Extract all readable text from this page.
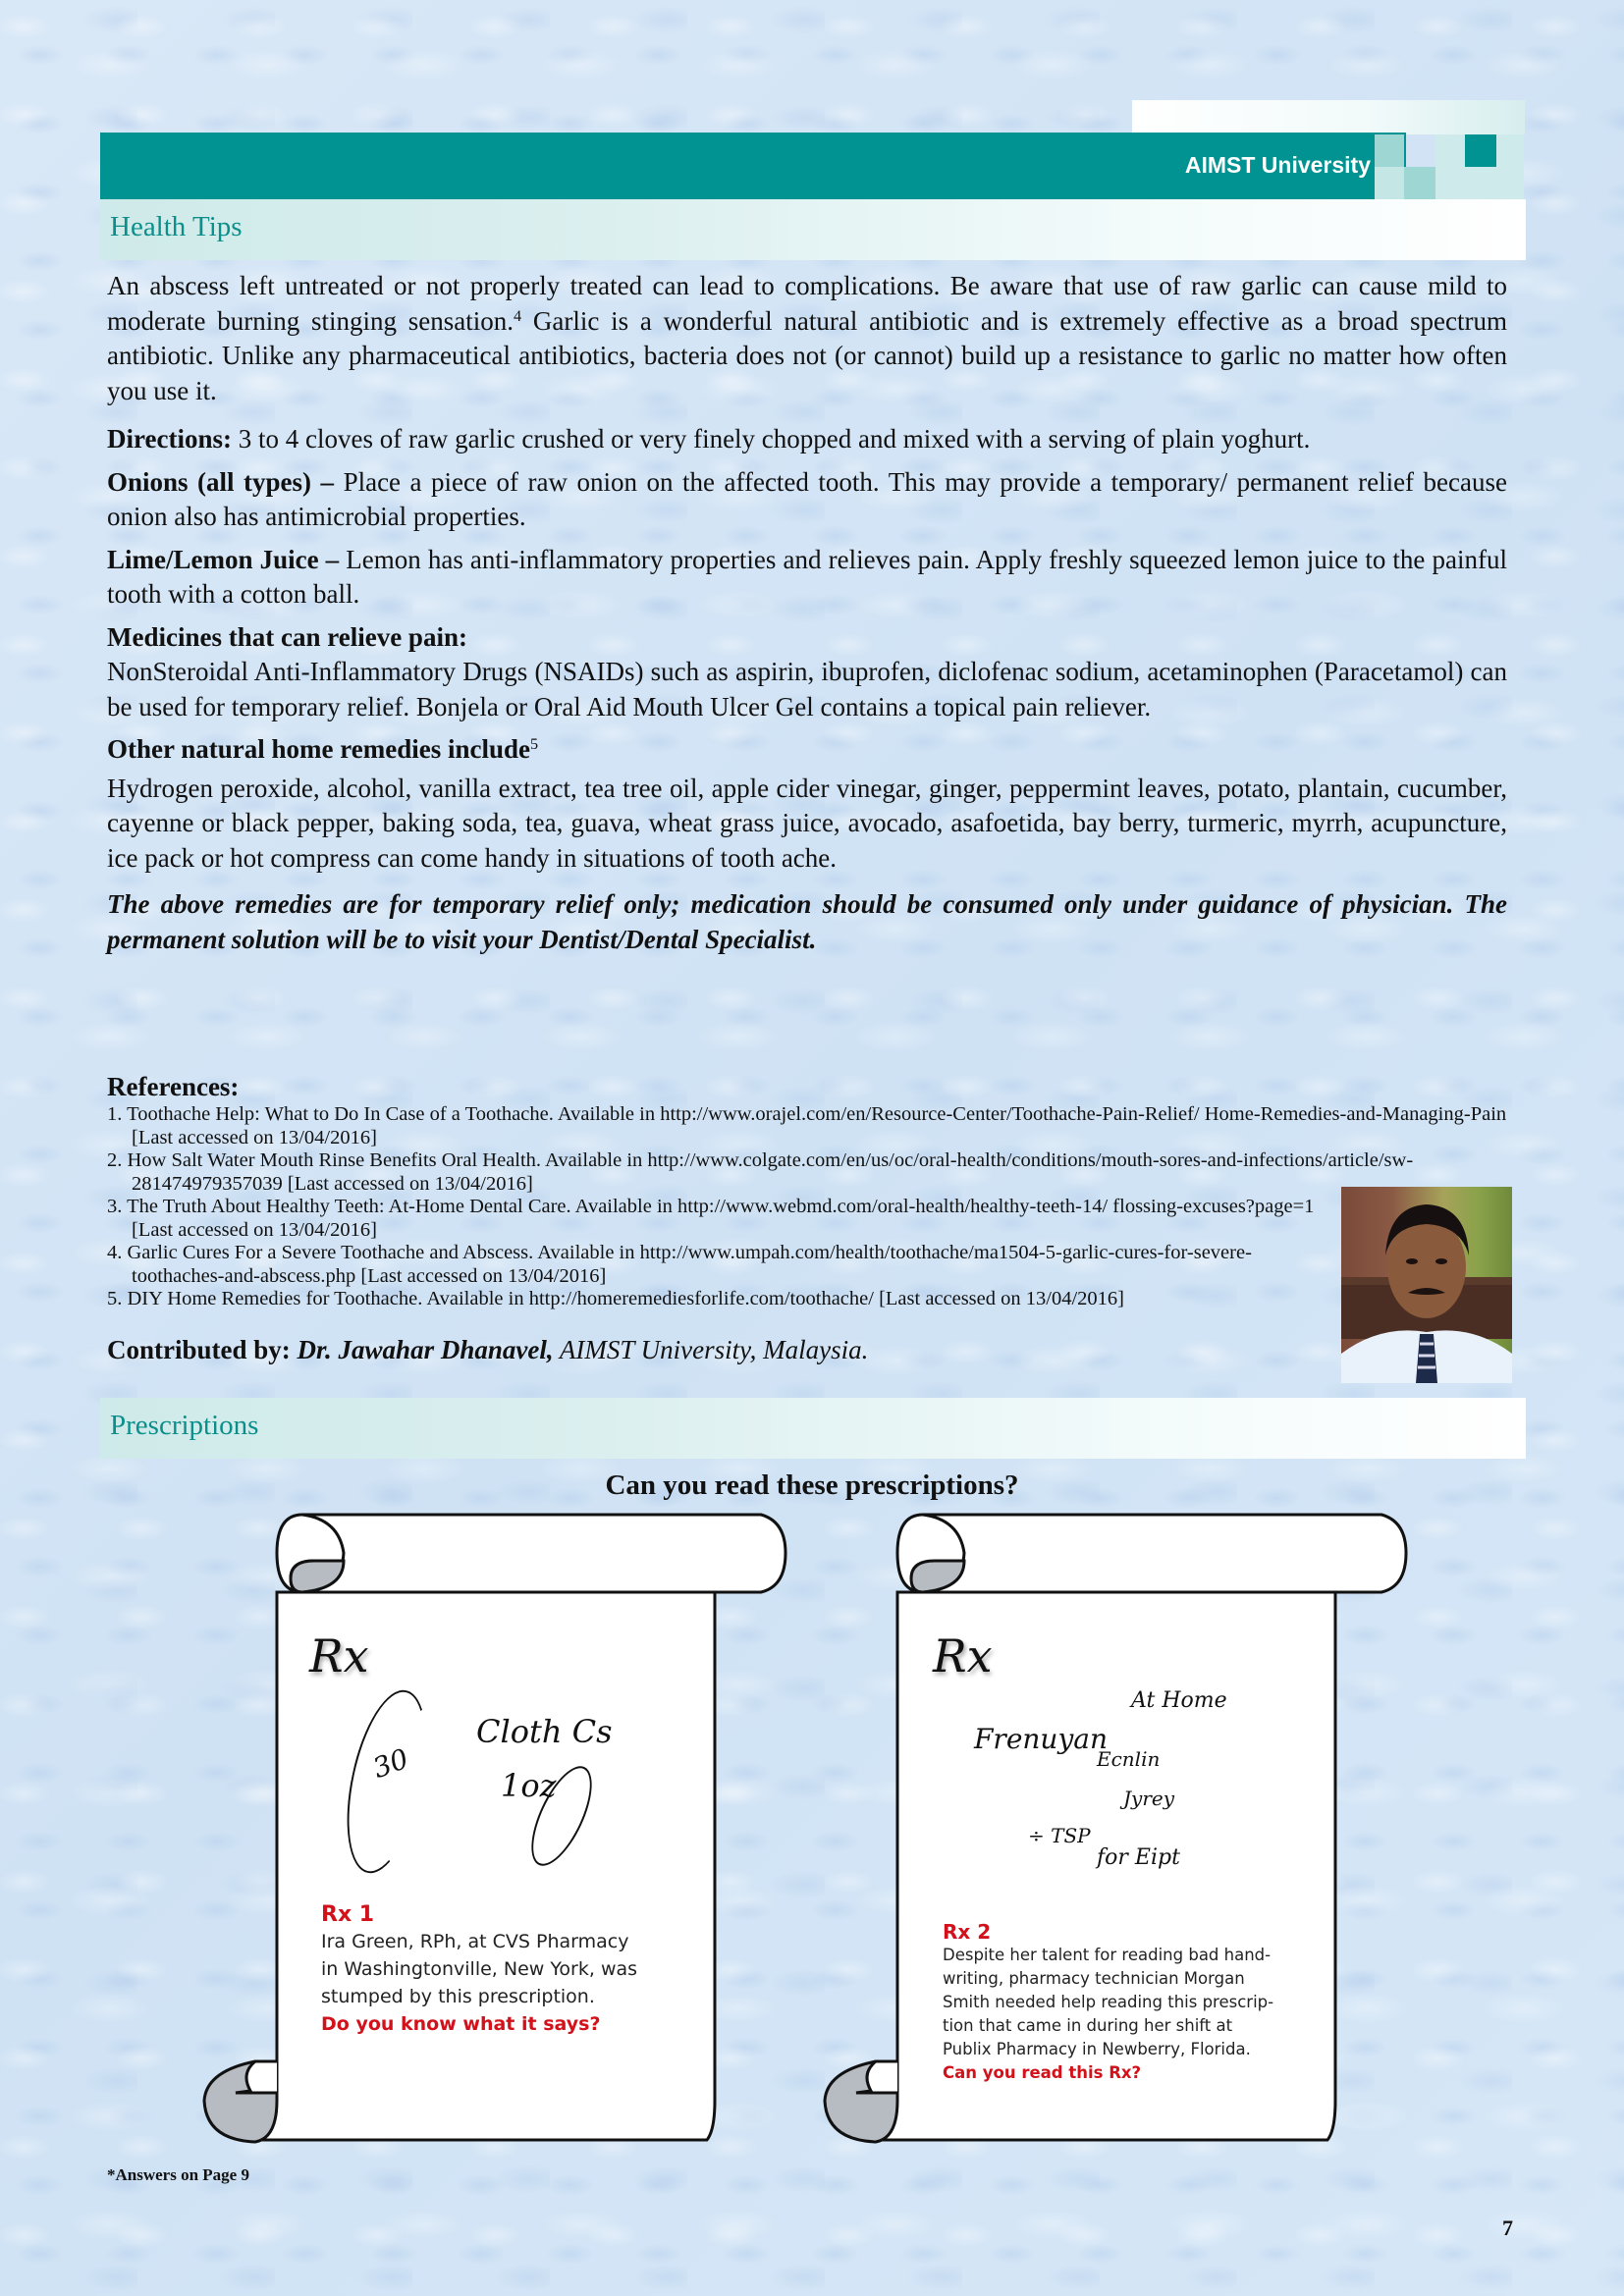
AIMST University
Health Tips

An abscess left untreated or not properly treated can lead to complications. Be aware that use of raw garlic can cause mild to moderate burning stinging sensation.$^4$ Garlic is a wonderful natural antibiotic and is extremely effective as a broad spectrum antibiotic. Unlike any pharmaceutical antibiotics, bacteria does not (or cannot) build up a resistance to garlic no matter how often you use it.

Directions: 3 to 4 cloves of raw garlic crushed or very finely chopped and mixed with a serving of plain yoghurt.

Onions (all types) – Place a piece of raw onion on the affected tooth. This may provide a temporary/ permanent relief because onion also has antimicrobial properties.

Lime/Lemon Juice – Lemon has anti-inflammatory properties and relieves pain. Apply freshly squeezed lemon juice to the painful tooth with a cotton ball.

Medicines that can relieve pain:

NonSteroidal Anti-Inflammatory Drugs (NSAIDs) such as aspirin, ibuprofen, diclofenac sodium, acetaminophen (Paracetamol) can be used for temporary relief. Bonjela or Oral Aid Mouth Ulcer Gel contains a topical pain reliever.

Other natural home remedies include$^5$

Hydrogen peroxide, alcohol, vanilla extract, tea tree oil, apple cider vinegar, ginger, peppermint leaves, potato, plantain, cucumber, cayenne or black pepper, baking soda, tea, guava, wheat grass juice, avocado, asafoetida, bay berry, turmeric, myrrh, acupuncture, ice pack or hot compress can come handy in situations of tooth ache.

The above remedies are for temporary relief only; medication should be consumed only under guidance of physician. The permanent solution will be to visit your Dentist/Dental Specialist.

References:
1. Toothache Help: What to Do In Case of a Toothache. Available in http://www.orajel.com/en/Resource-Center/Toothache-Pain-Relief/ Home-Remedies-and-Managing-Pain [Last accessed on 13/04/2016]
2. How Salt Water Mouth Rinse Benefits Oral Health. Available in http://www.colgate.com/en/us/oc/oral-health/conditions/mouth-sores-and-infections/article/sw-281474979357039 [Last accessed on 13/04/2016]
3. The Truth About Healthy Teeth: At-Home Dental Care. Available in http://www.webmd.com/oral-health/healthy-teeth-14/ flossing-excuses?page=1 [Last accessed on 13/04/2016]
4. Garlic Cures For a Severe Toothache and Abscess. Available in http://www.umpah.com/health/toothache/ma1504-5-garlic-cures-for-severe-toothaches-and-abscess.php [Last accessed on 13/04/2016]
5. DIY Home Remedies for Toothache. Available in http://homeremediesforlife.com/toothache/ [Last accessed on 13/04/2016]
Contributed by: Dr. Jawahar Dhanavel, AIMST University, Malaysia.
Prescriptions
Can you read these prescriptions?
Rx
30
Cloth Cs
1oz
Rx 1
Ira Green, RPh, at CVS Pharmacy
in Washingtonville, New York, was
stumped by this prescription.
Do you know what it says?
Rx
At Home
Frenuyan
Ecnlin
Jyrey
÷ TSP
for Eipt
Rx 2
Despite her talent for reading bad hand-
writing, pharmacy technician Morgan
Smith needed help reading this prescrip-
tion that came in during her shift at
Publix Pharmacy in Newberry, Florida.
Can you read this Rx?
*Answers on Page 9
7
